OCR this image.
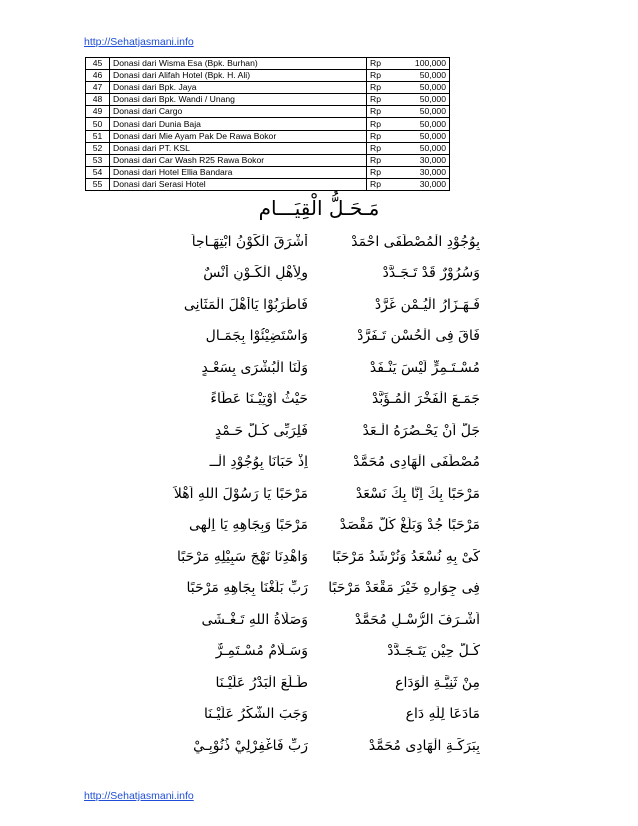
http://Sehatjasmani.info
45	Donasi dari Wisma Esa (Bpk. Burhan)	Rp	100,000
46	Donasi dari Alifah Hotel (Bpk. H. Ali)	Rp	50,000
47	Donasi dari Bpk. Jaya	Rp	50,000
48	Donasi dari Bpk. Wandi / Unang	Rp	50,000
49	Donasi dari Cargo	Rp	50,000
50	Donasi dari Dunia Baja	Rp	50,000
51	Donasi dari Mie Ayam Pak De Rawa Bokor	Rp	50,000
52	Donasi dari PT. KSL	Rp	50,000
53	Donasi dari Car Wash R25 Rawa Bokor	Rp	30,000
54	Donasi dari Hotel Ellia Bandara	Rp	30,000
55	Donasi dari Serasi Hotel	Rp	30,000
مَـحَـلُّ الْقِيَـــام
أَشْرَقَ الْكَوْنُ ابْتِهَـاجاً	بِوُجُوْدِ الْمُصْطَفَى احْمَدْ
وِلِأَهْلِ الْكَـوْنِ أُنْسٌ	وَسُرُوْرٌ قَدْ تَـجَـدَّدْ
فَاطْرَبُوْا يَاأَهْلَ الْمَثَانِى	فَـهَـزَارُ الْيُـمْنِ غَرَّدْ
وَاسْتَضِيْئُوْا بِجَمَـال	فَاقَ فِى الْحُسْنِ تَـفَرَّدْ
وَلَنَا الْبُشْرَى بِسَعْـدٍ	مُسْـتَـمِرٍّ لَيْسَ يَنْـفَدْ
حَيْثُ اُوْتِيْـنَا عَطَاءً	جَمَـعَ الْفَخْرَ الْمُـؤَبَّدْ
فَلِرَبِّى كُـلُّ حَـمْدٍ	جَلَّ اَنْ يَحْـصُرَهُ الْـعَدْ
اِذْ حَبَانَا بِوُجُوْدِ الْــ	مُصْطَفَى الْهَادِى مُحَمَّدْ
مَرْحَبًا يَا رَسُوْلَ اللهِ اَهْلاً	مَرْحَبًا بِكَ اِنَّا بِكَ نَسْعَدْ
مَرْحَبًا وَبِجَاهِهِ يَا اِلٰهِى	مَرْحَبًا جُدْ وَبَلِّغْ كُلَّ مَقْصَدْ
وَاهْدِنَا نَهْجَ سَبِيْلِهِ مَرْحَبًا	كَىْ بِهِ نُسْعَدُ وَنُرْشَدُ مَرْحَبًا
رَبِّ بَلِّغْنَا بِجَاهِهِ مَرْحَبًا	فِى جِوَارِهِ خَيْرَ مَقْعَدْ مَرْحَبًا
وَصَلَاةُ اللهِ تَـغْـشَى	اَشْـرَفَ الرُّسْـلِ مُحَمَّدْ
وَسَـلَامٌ مُسْـتَمِـرٌّ	كُـلَّ حِيْنٍ يَتَـجَـدَّدْ
طَـلَعَ الْبَدْرُ عَلَيْـنَا	مِنْ ثَنِيَّـةِ الْوَدَاعِ
وَجَبَ الشُّكْرُ عَلَيْـنَا	مَادَعَا لِلّٰهِ دَاعٍ
رَبِّ فَاغْفِرْلِيْ ذُنُوْبِـيْ	بِبَرَكَـةِ الْهَادِى مُحَمَّدْ
http://Sehatjasmani.info
